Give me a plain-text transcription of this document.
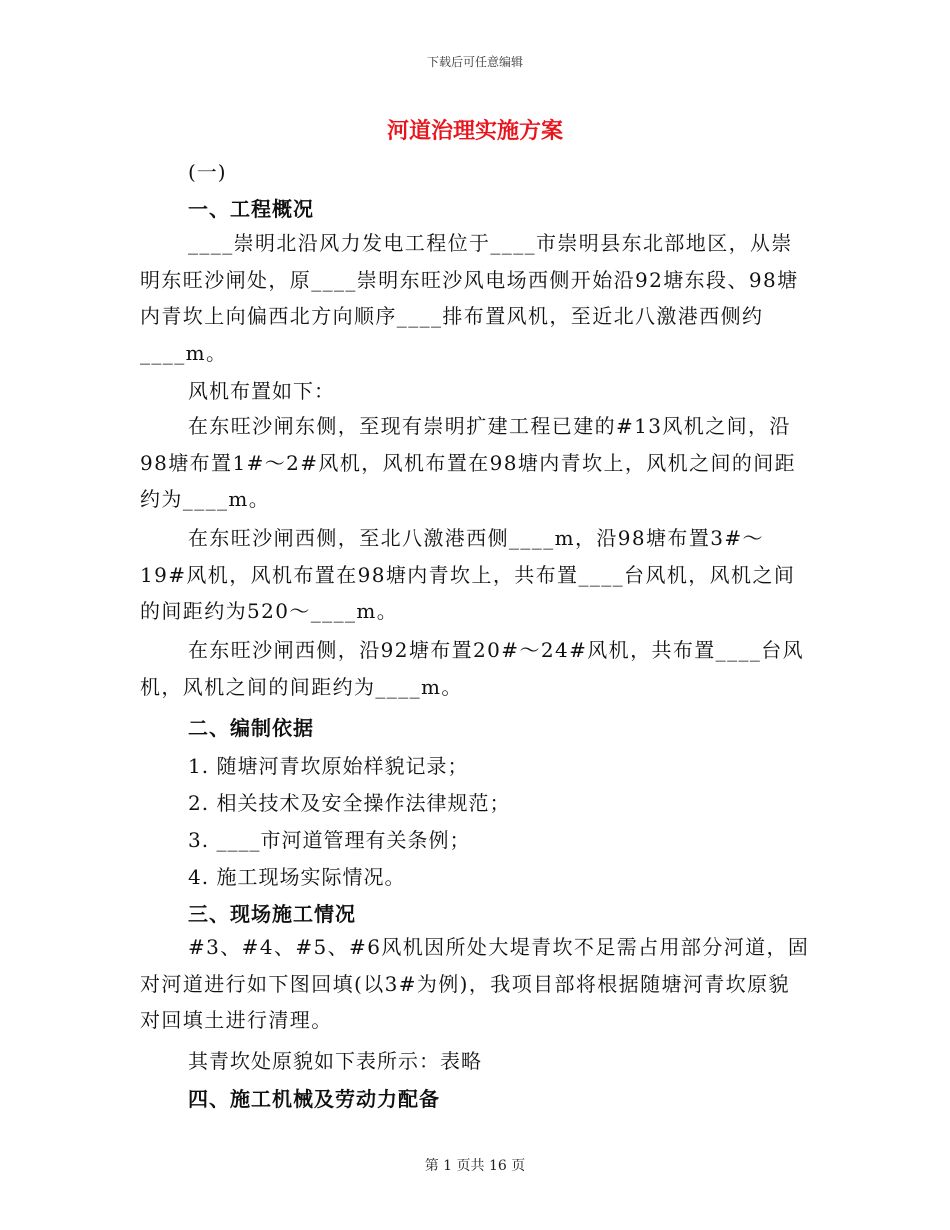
下载后可任意编辑
河道治理实施方案
(一)
一、工程概况
____崇明北沿风力发电工程位于____市崇明县东北部地区，从崇明东旺沙闸处，原____崇明东旺沙风电场西侧开始沿92塘东段、98塘内青坎上向偏西北方向顺序____排布置风机，至近北八激港西侧约____m。
风机布置如下：
在东旺沙闸东侧，至现有崇明扩建工程已建的#13风机之间，沿98塘布置1#～2#风机，风机布置在98塘内青坎上，风机之间的间距约为____m。
在东旺沙闸西侧，至北八激港西侧____m，沿98塘布置3#～19#风机，风机布置在98塘内青坎上，共布置____台风机，风机之间的间距约为520～____m。
在东旺沙闸西侧，沿92塘布置20#～24#风机，共布置____台风机，风机之间的间距约为____m。
二、编制依据
1. 随塘河青坎原始样貌记录；
2. 相关技术及安全操作法律规范；
3. ____市河道管理有关条例；
4. 施工现场实际情况。
三、现场施工情况
#3、#4、#5、#6风机因所处大堤青坎不足需占用部分河道，固对河道进行如下图回填(以3#为例)，我项目部将根据随塘河青坎原貌对回填土进行清理。
其青坎处原貌如下表所示：表略
四、施工机械及劳动力配备
第 1 页共 16 页
